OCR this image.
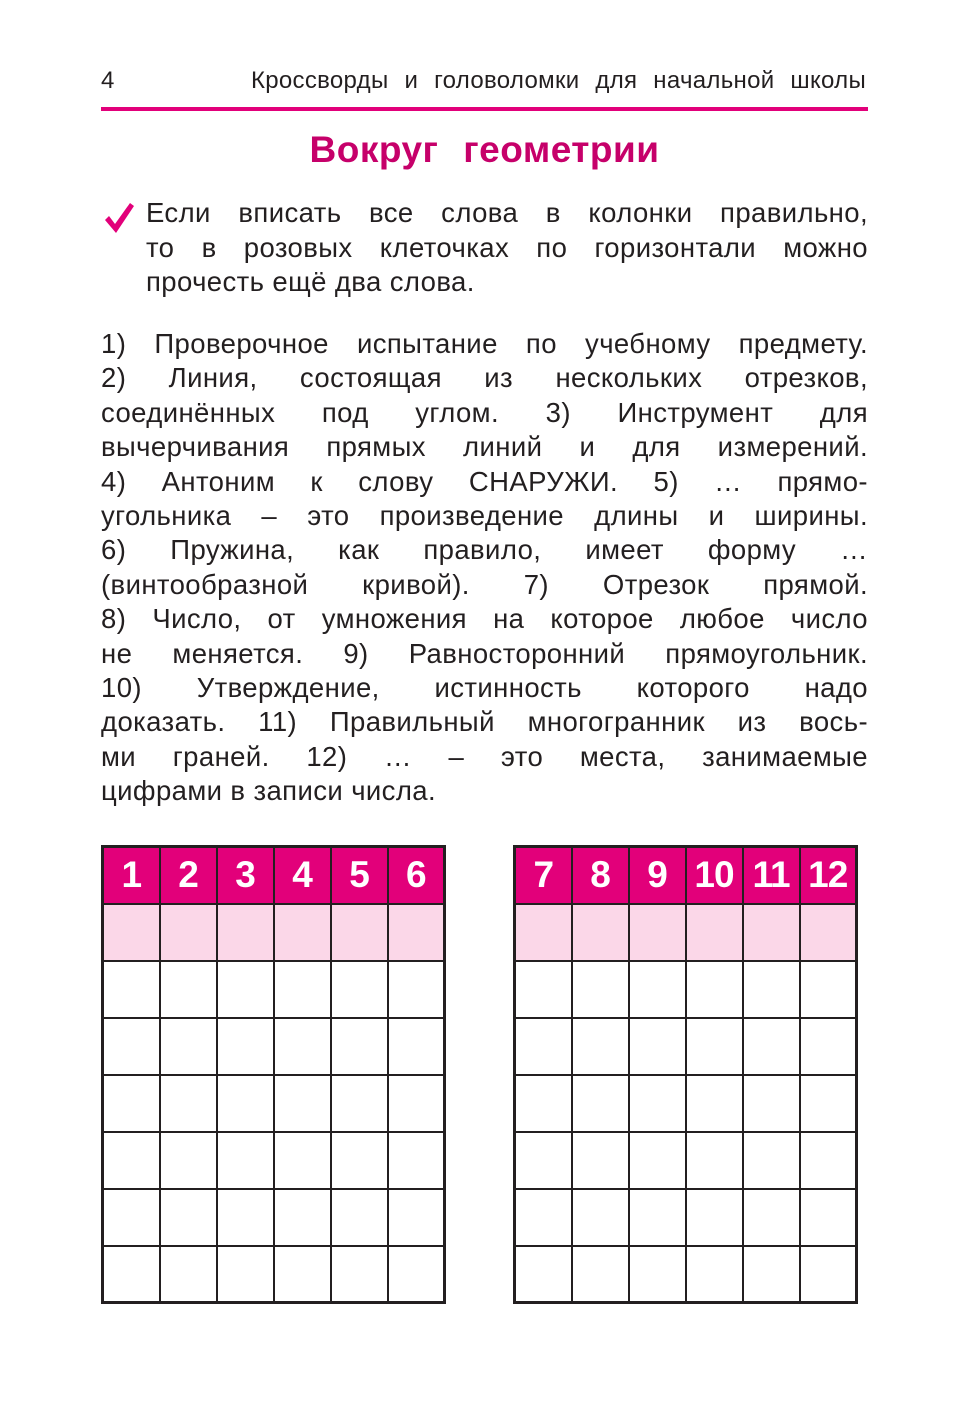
4	Кроссворды и головоломки для начальной школы
Вокруг геометрии
Если вписать все слова в колонки правильно,
то в розовых клеточках по горизонтали можно
прочесть ещё два слова.
1) Проверочное испытание по учебному предмету.
2) Линия, состоящая из нескольких отрезков,
соединённых под углом. 3) Инструмент для
вычерчивания прямых линий и для измерений.
4) Антоним к слову СНАРУЖИ. 5) … прямо-
угольника – это произведение длины и ширины.
6) Пружина, как правило, имеет форму …
(винтообразной кривой). 7) Отрезок прямой.
8) Число, от умножения на которое любое число
не меняется. 9) Равносторонний прямоугольник.
10) Утверждение, истинность которого надо
доказать. 11) Правильный многогранник из вось-
ми граней. 12) … – это места, занимаемые
цифрами в записи числа.
1	2	3	4	5	6

						7	8	9	10	11	12
